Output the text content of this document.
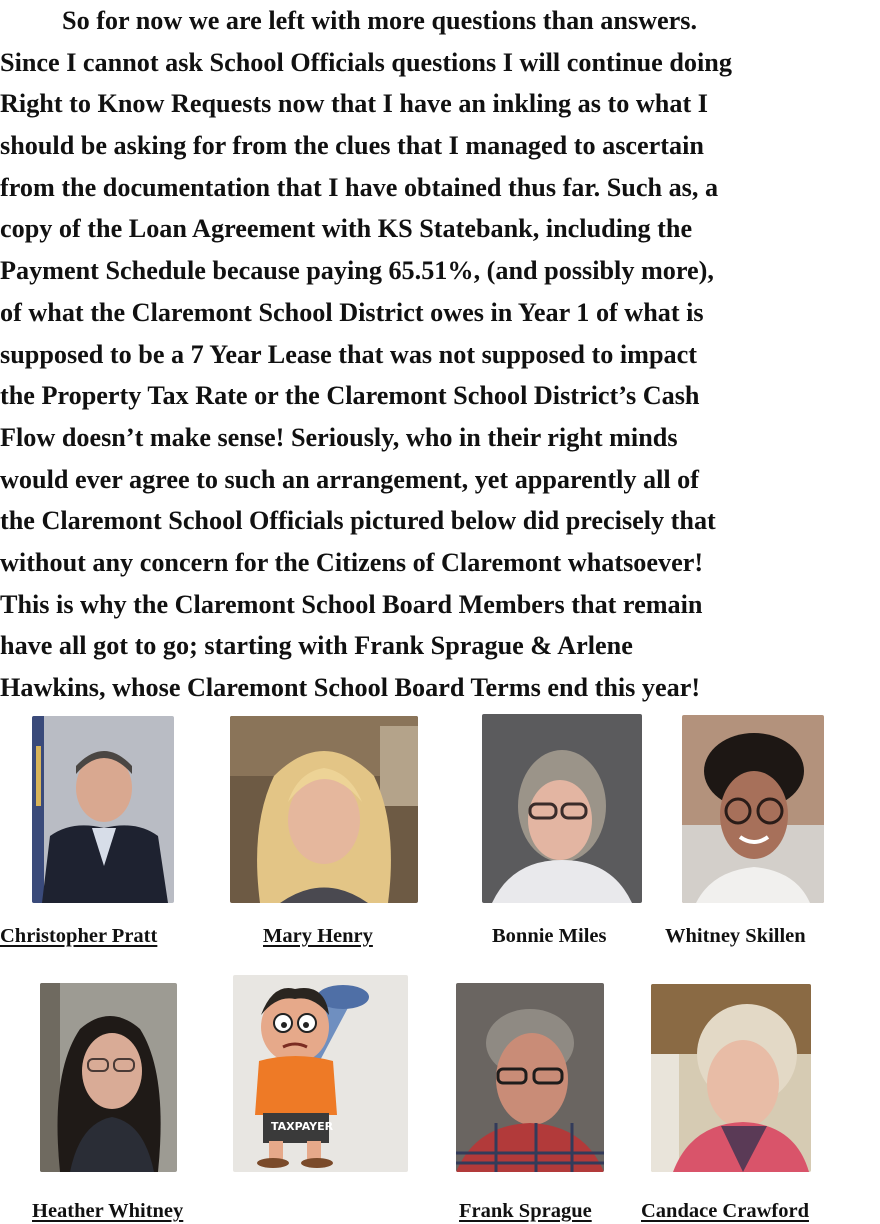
So for now we are left with more questions than answers.
Since I cannot ask School Officials questions I will continue doing
Right to Know Requests now that I have an inkling as to what I
should be asking for from the clues that I managed to ascertain
from the documentation that I have obtained thus far. Such as, a
copy of the Loan Agreement with KS Statebank, including the
Payment Schedule because paying 65.51%, (and possibly more),
of what the Claremont School District owes in Year 1 of what is
supposed to be a 7 Year Lease that was not supposed to impact
the Property Tax Rate or the Claremont School District’s Cash
Flow doesn’t make sense! Seriously, who in their right minds
would ever agree to such an arrangement, yet apparently all of
the Claremont School Officials pictured below did precisely that
without any concern for the Citizens of Claremont whatsoever!
This is why the Claremont School Board Members that remain
have all got to go; starting with Frank Sprague & Arlene
Hawkins, whose Claremont School Board Terms end this year!
Christopher Pratt	Mary Henry	Bonnie Miles	Whitney Skillen
TAXPAYER
Heather Whitney	Frank Sprague Candace Crawford
